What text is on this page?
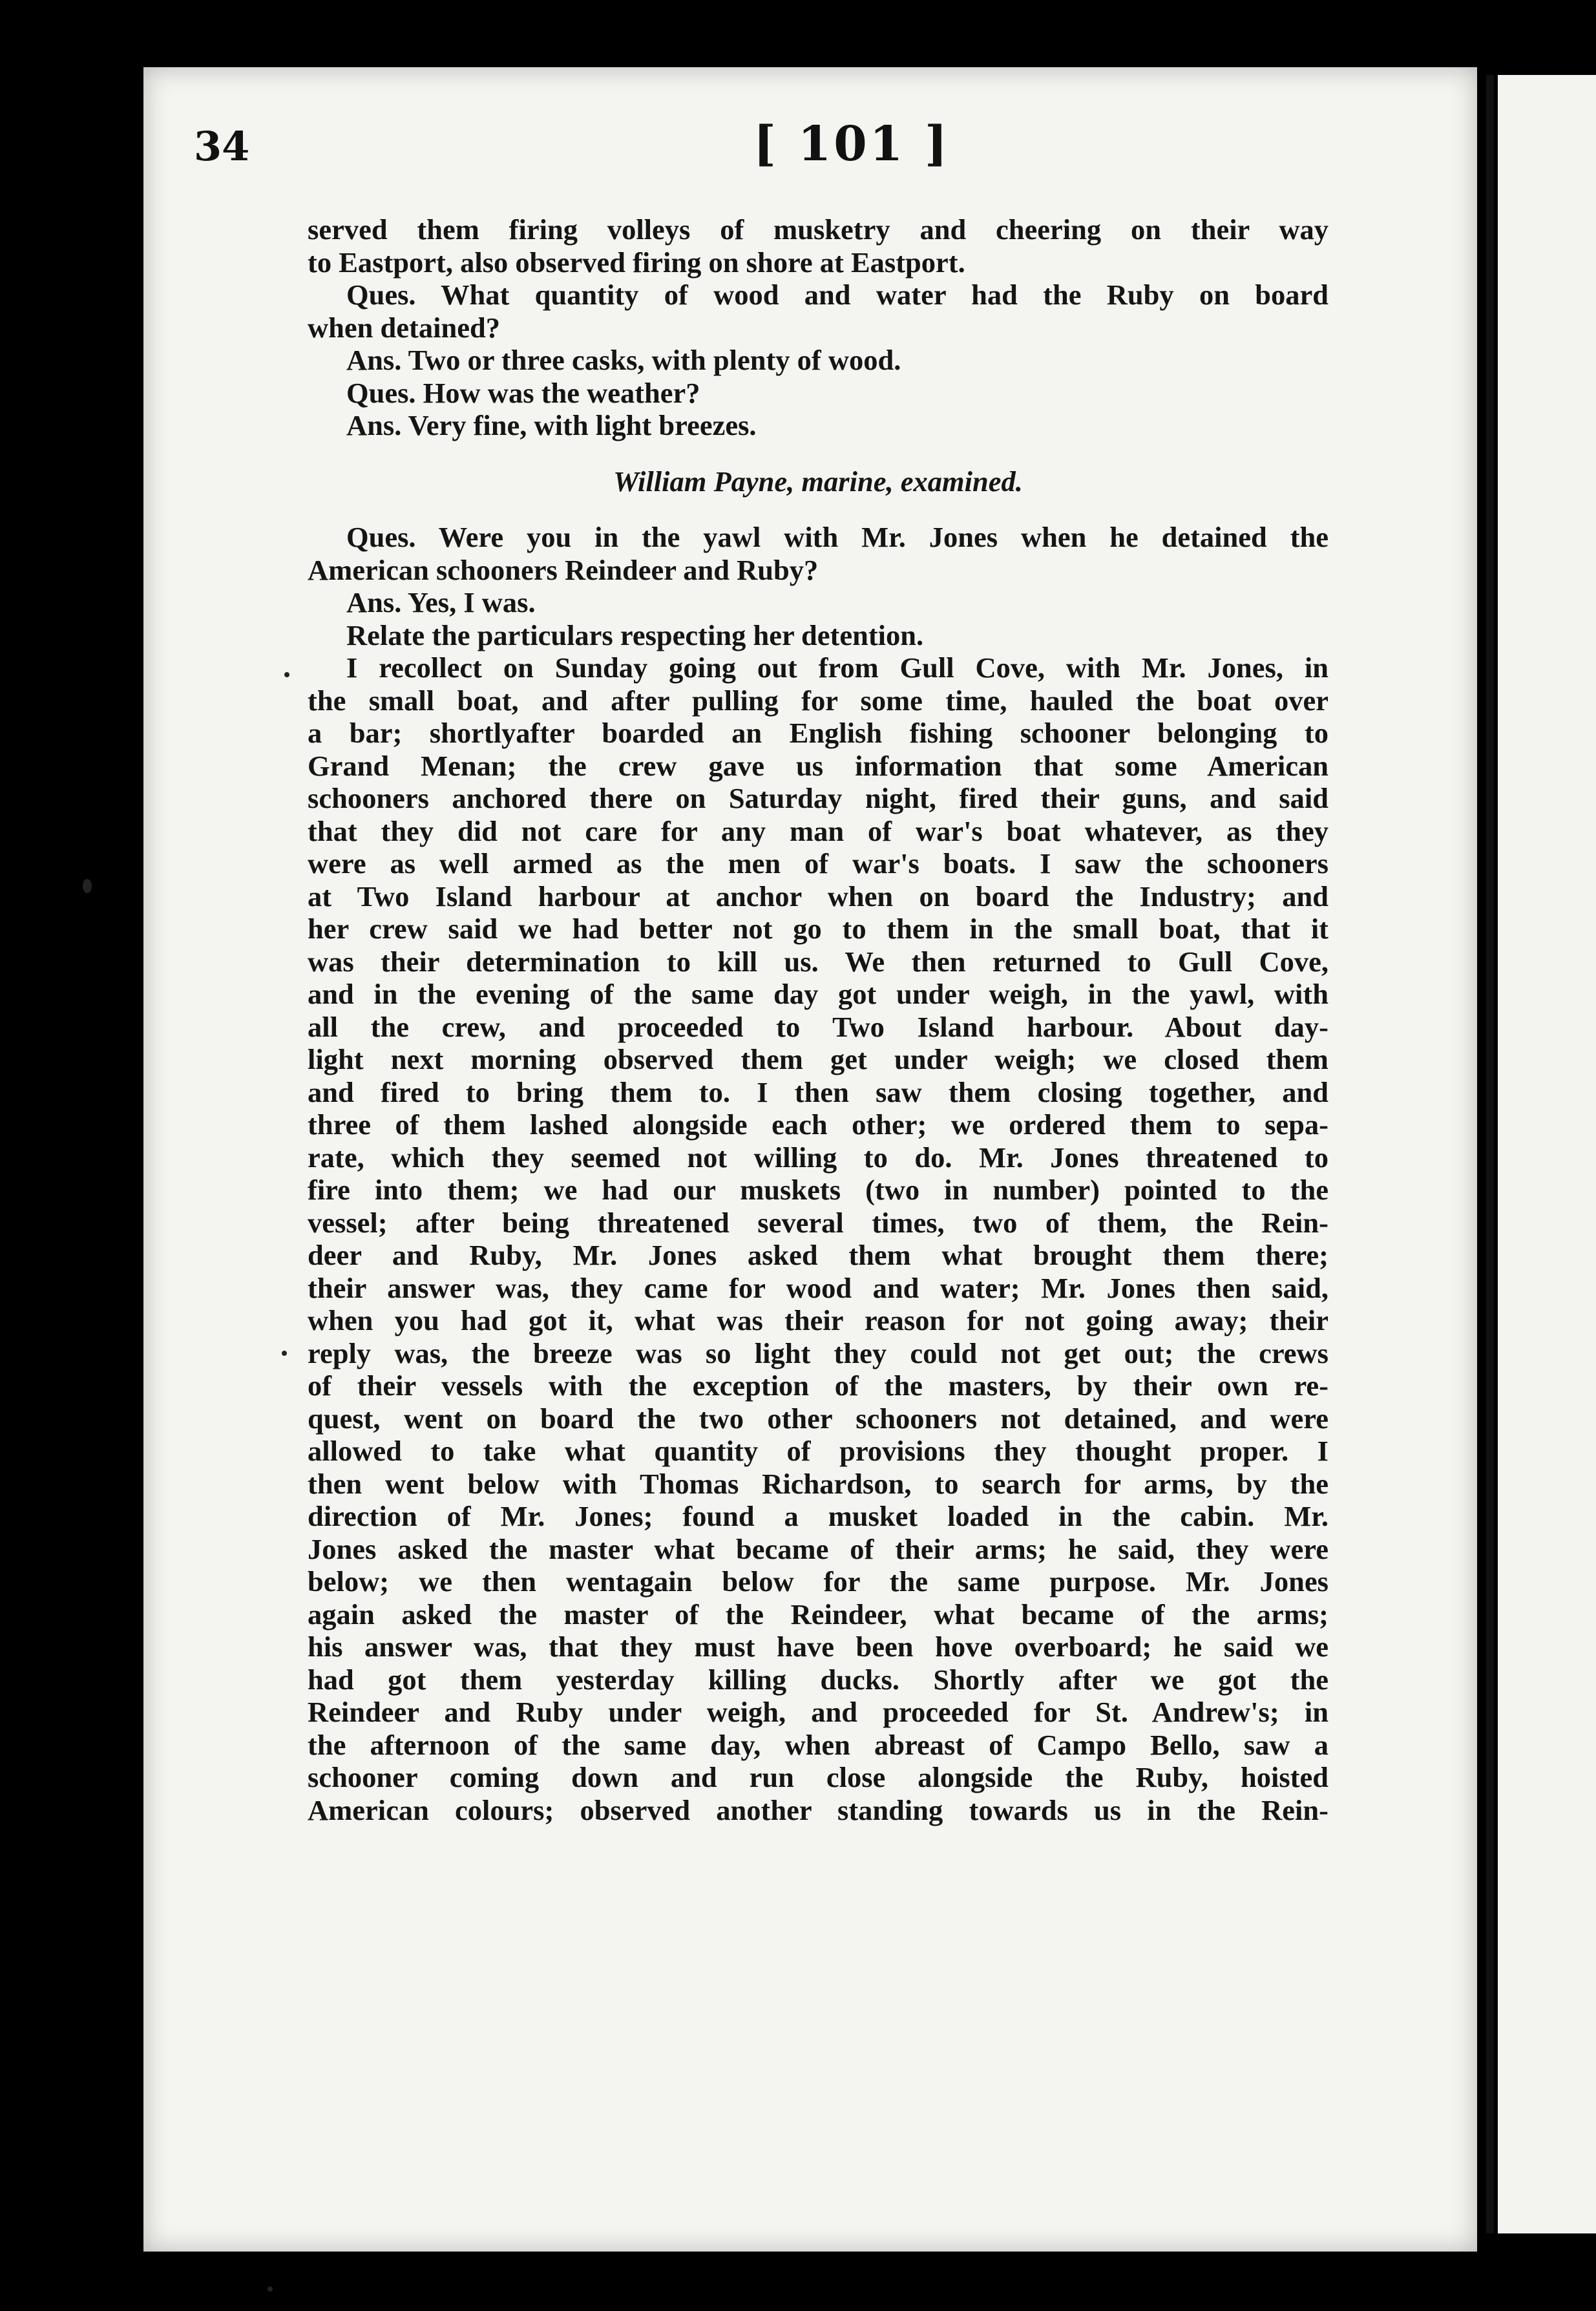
34	[ 101 ]
served them firing volleys of musketry and cheering on their way
to Eastport, also observed firing on shore at Eastport.
Ques. What quantity of wood and water had the Ruby on board
when detained?
Ans. Two or three casks, with plenty of wood.
Ques. How was the weather?
Ans. Very fine, with light breezes.
William Payne, marine, examined.
Ques. Were you in the yawl with Mr. Jones when he detained the
American schooners Reindeer and Ruby?
Ans. Yes, I was.
Relate the particulars respecting her detention.
I recollect on Sunday going out from Gull Cove, with Mr. Jones, in
the small boat, and after pulling for some time, hauled the boat over
a bar; shortlyafter boarded an English fishing schooner belonging to
Grand Menan; the crew gave us information that some American
schooners anchored there on Saturday night, fired their guns, and said
that they did not care for any man of war's boat whatever, as they
were as well armed as the men of war's boats. I saw the schooners
at Two Island harbour at anchor when on board the Industry; and
her crew said we had better not go to them in the small boat, that it
was their determination to kill us. We then returned to Gull Cove,
and in the evening of the same day got under weigh, in the yawl, with
all the crew, and proceeded to Two Island harbour. About day-
light next morning observed them get under weigh; we closed them
and fired to bring them to. I then saw them closing together, and
three of them lashed alongside each other; we ordered them to sepa-
rate, which they seemed not willing to do. Mr. Jones threatened to
fire into them; we had our muskets (two in number) pointed to the
vessel; after being threatened several times, two of them, the Rein-
deer and Ruby, Mr. Jones asked them what brought them there;
their answer was, they came for wood and water; Mr. Jones then said,
when you had got it, what was their reason for not going away; their
reply was, the breeze was so light they could not get out; the crews
of their vessels with the exception of the masters, by their own re-
quest, went on board the two other schooners not detained, and were
allowed to take what quantity of provisions they thought proper. I
then went below with Thomas Richardson, to search for arms, by the
direction of Mr. Jones; found a musket loaded in the cabin. Mr.
Jones asked the master what became of their arms; he said, they were
below; we then wentagain below for the same purpose. Mr. Jones
again asked the master of the Reindeer, what became of the arms;
his answer was, that they must have been hove overboard; he said we
had got them yesterday killing ducks. Shortly after we got the
Reindeer and Ruby under weigh, and proceeded for St. Andrew's; in
the afternoon of the same day, when abreast of Campo Bello, saw a
schooner coming down and run close alongside the Ruby, hoisted
American colours; observed another standing towards us in the Rein-
